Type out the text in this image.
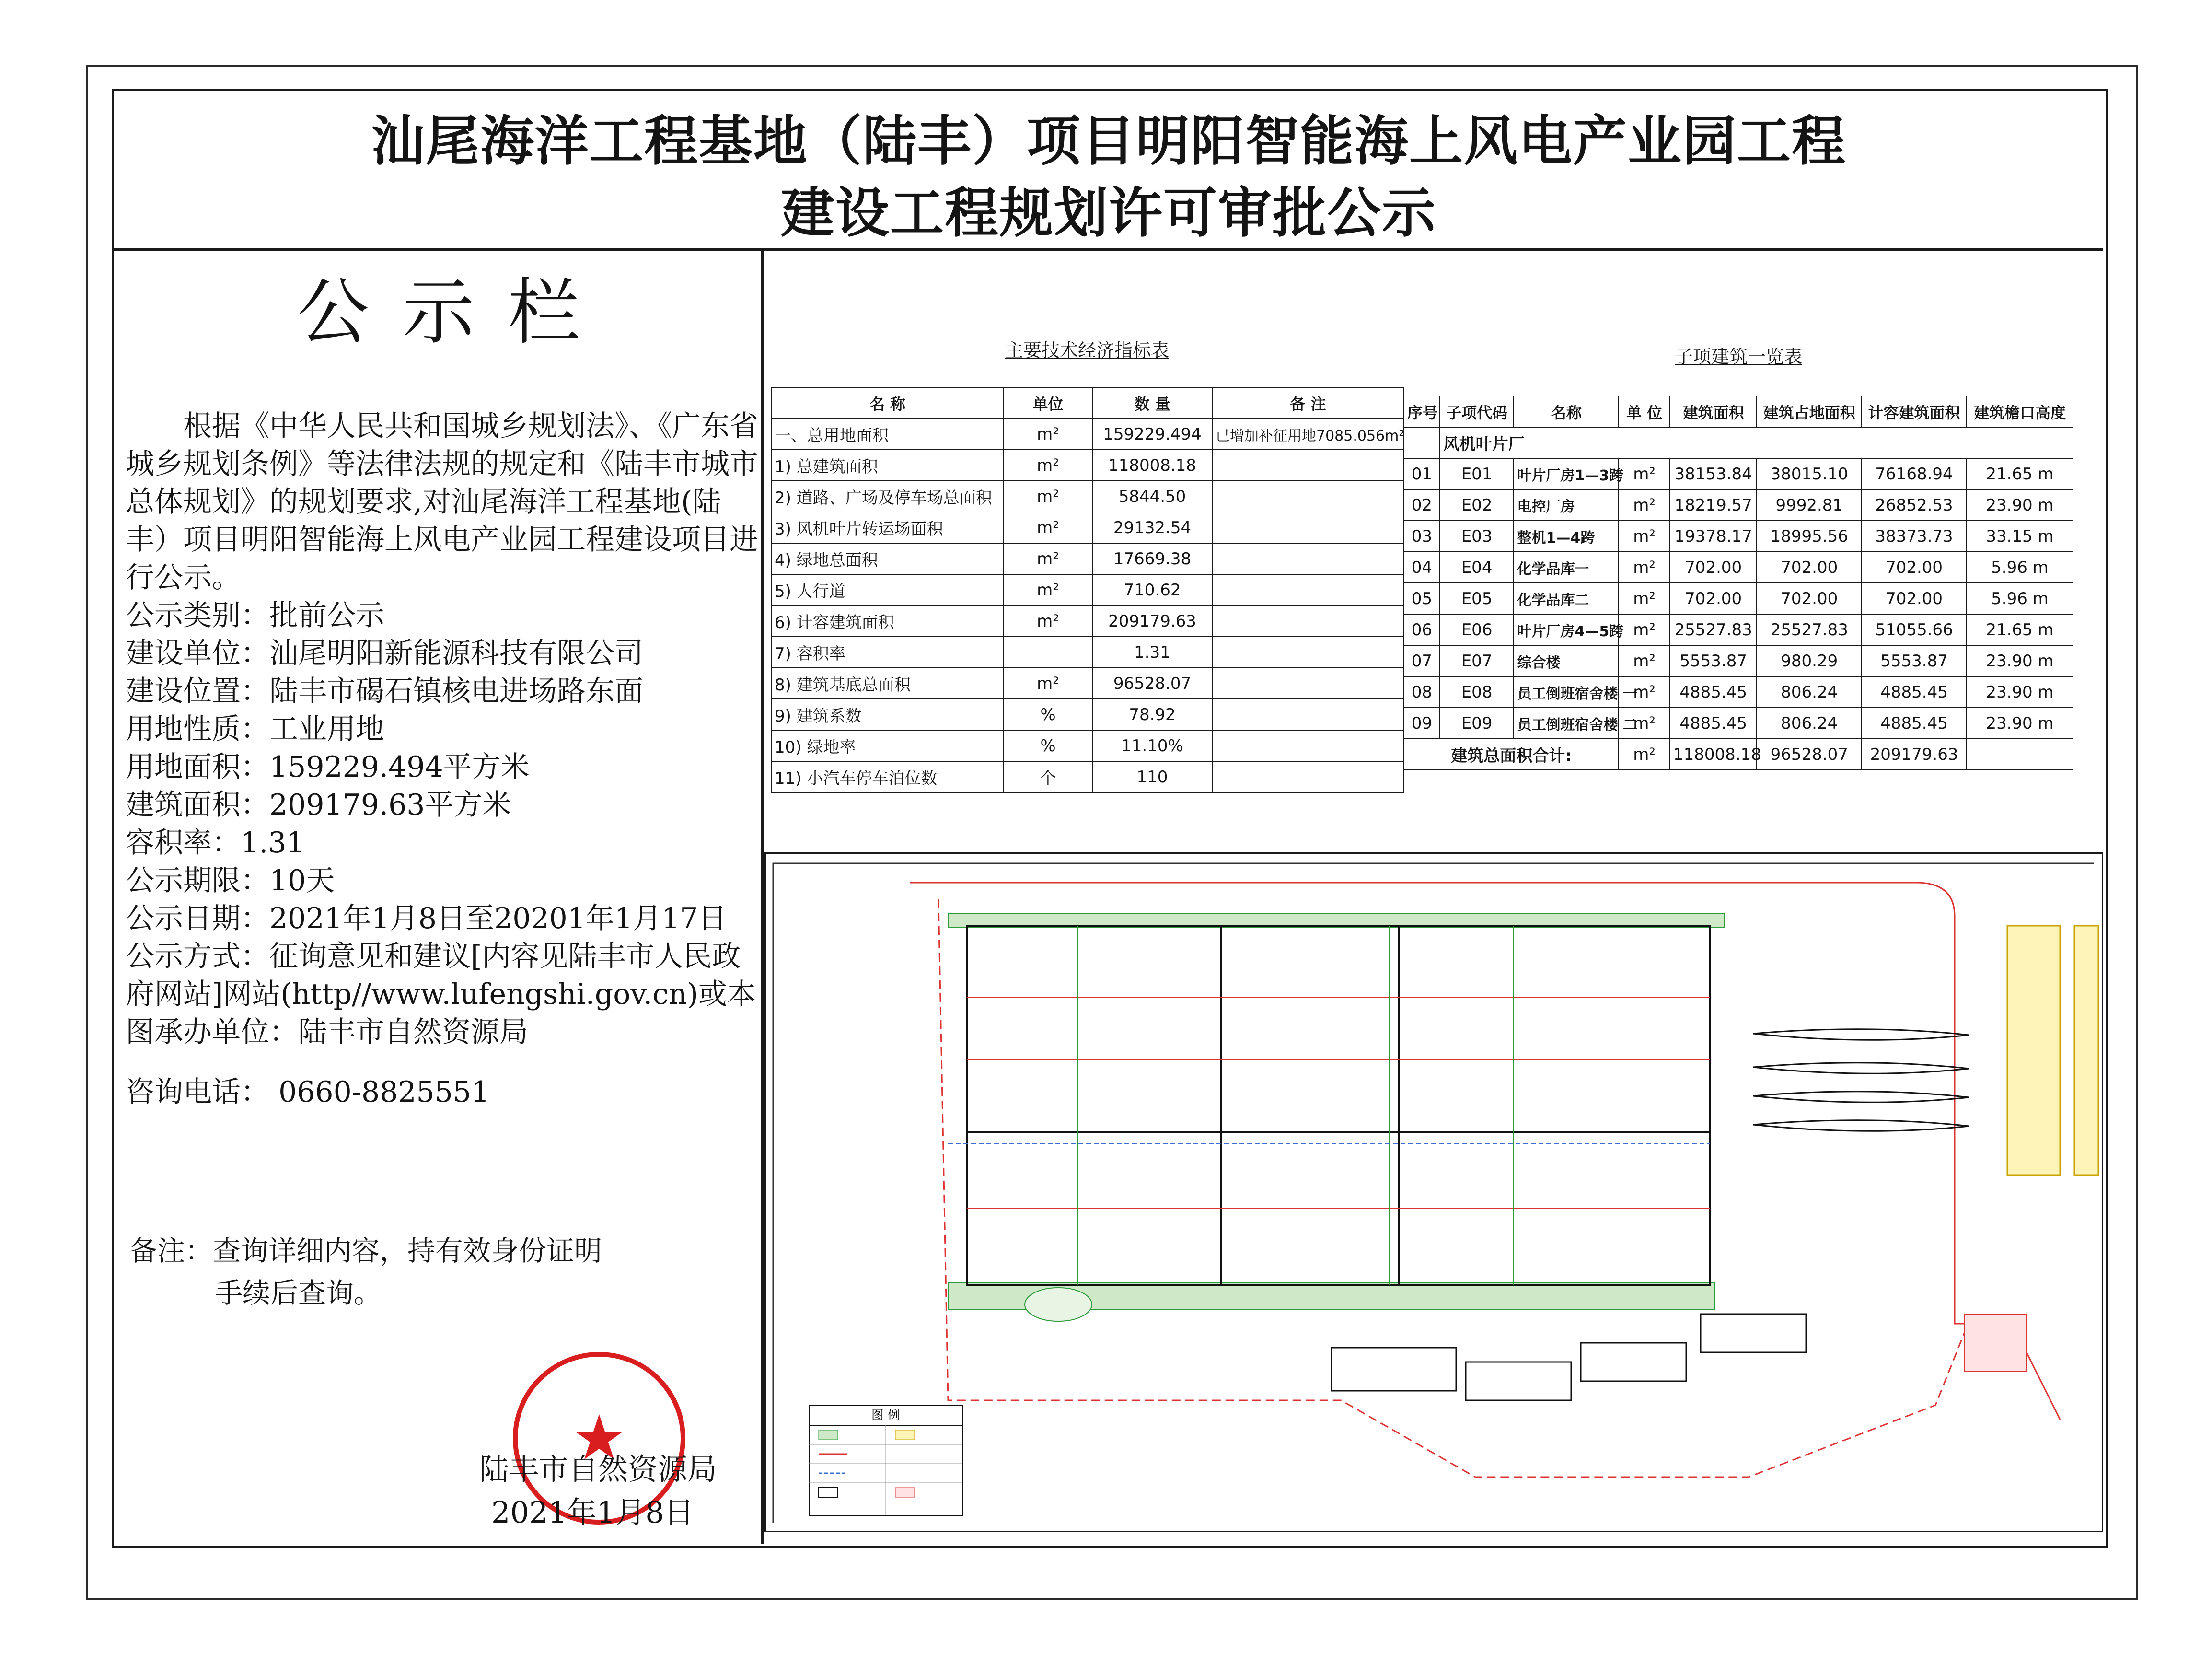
汕尾海洋工程基地（陆丰）项目明阳智能海上风电产业园工程
建设工程规划许可审批公示
公示栏
根据《中华人民共和国城乡规划法》、《广东省城乡规划条例》等法律法规的规定和《陆丰市城市总体规划》的规划要求,对汕尾海洋工程基地(陆丰）项目明阳智能海上风电产业园工程建设项目进行公示。
公示类别：批前公示
建设单位：汕尾明阳新能源科技有限公司
建设位置：陆丰市碣石镇核电进场路东面
用地性质：工业用地
用地面积：159229.494平方米
建筑面积：209179.63平方米
容积率：1.31
公示期限：10天
公示日期：2021年1月8日至20201年1月17日
公示方式：征询意见和建议[内容见陆丰市人民政府网站]网站(http//www.lufengshi.gov.cn)或本图承办单位：陆丰市自然资源局
咨询电话： 0660-8825551
备注：查询详细内容，持有效身份证明
手续后查询。
陆丰市自然资源局
2021年1月8日
主要技术经济指标表
名 称	单位	数 量	备 注
一、总用地面积	m²	159229.494	已增加补征用地7085.056m²
1) 总建筑面积	m²	118008.18	
2) 道路、广场及停车场总面积	m²	5844.50	
3) 风机叶片转运场面积	m²	29132.54	
4) 绿地总面积	m²	17669.38	
5) 人行道	m²	710.62	
6) 计容建筑面积	m²	209179.63	
7) 容积率		1.31	
8) 建筑基底总面积	m²	96528.07	
9) 建筑系数	%	78.92	
10) 绿地率	%	11.10%	
11) 小汽车停车泊位数	个	110	
子项建筑一览表
序号	子项代码	名称	单 位	建筑面积	建筑占地面积	计容建筑面积	建筑檐口高度
	风机叶片厂						
01	E01	叶片厂房1—3跨	m²	38153.84	38015.10	76168.94	21.65 m
02	E02	电控厂房	m²	18219.57	9992.81	26852.53	23.90 m
03	E03	整机1—4跨	m²	19378.17	18995.56	38373.73	33.15 m
04	E04	化学品库一	m²	702.00	702.00	702.00	5.96 m
05	E05	化学品库二	m²	702.00	702.00	702.00	5.96 m
06	E06	叶片厂房4—5跨	m²	25527.83	25527.83	51055.66	21.65 m
07	E07	综合楼	m²	5553.87	980.29	5553.87	23.90 m
08	E08	员工倒班宿舍楼 一	m²	4885.45	806.24	4885.45	23.90 m
09	E09	员工倒班宿舍楼 二	m²	4885.45	806.24	4885.45	23.90 m
建筑总面积合计:			m²	118008.18	96528.07	209179.63	
图 例
